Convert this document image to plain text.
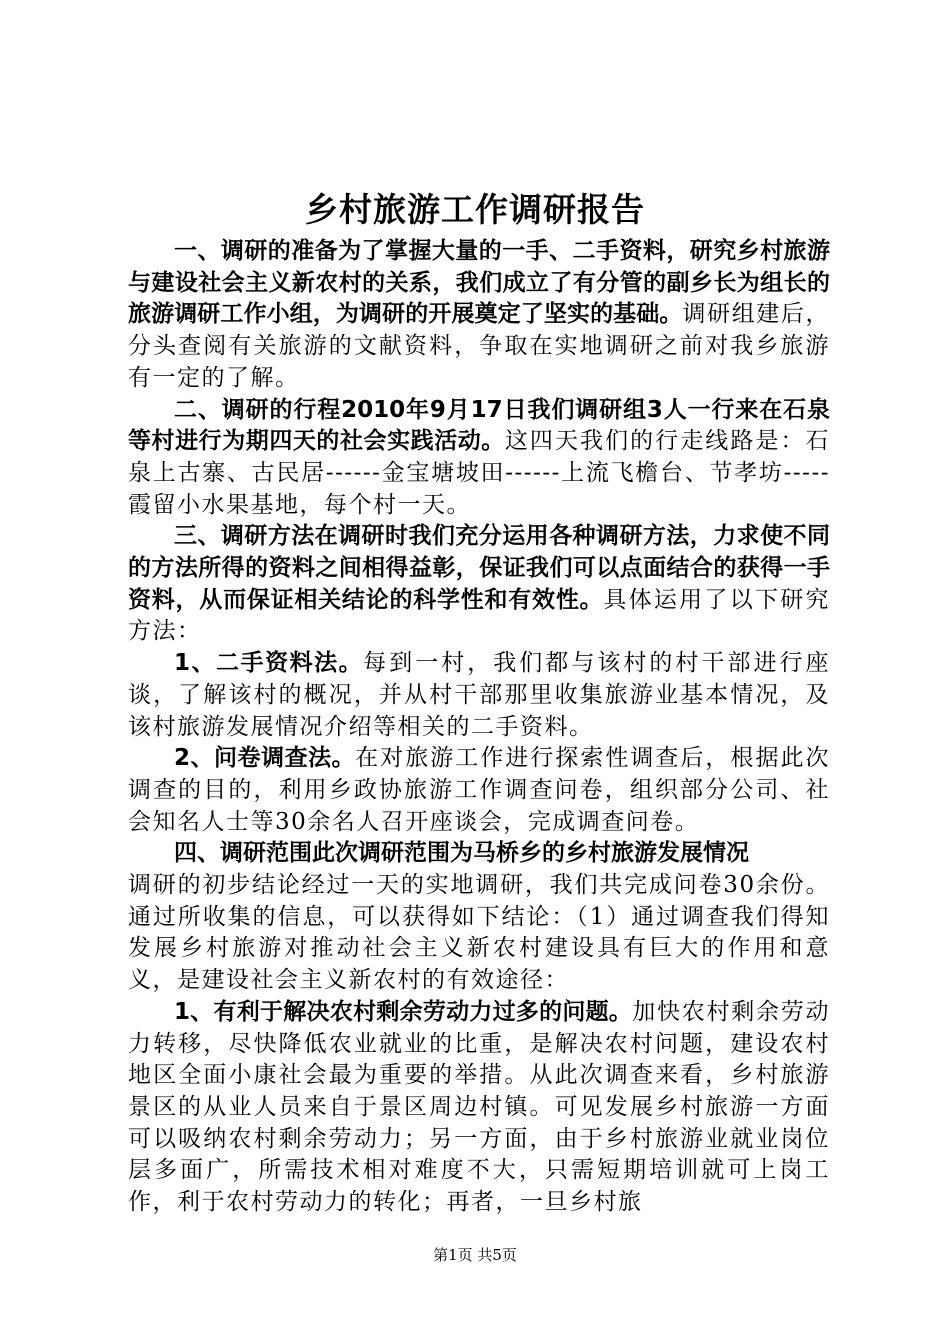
乡村旅游工作调研报告

一、调研的准备为了掌握大量的一手、二手资料，研究乡村旅游与建设社会主义新农村的关系，我们成立了有分管的副乡长为组长的旅游调研工作小组，为调研的开展奠定了坚实的基础。调研组建后，分头查阅有关旅游的文献资料，争取在实地调研之前对我乡旅游有一定的了解。

二、调研的行程2010年9月17日我们调研组3人一行来在石泉等村进行为期四天的社会实践活动。这四天我们的行走线路是：石泉上古寨、古民居------金宝塘坡田------上流飞檐台、节孝坊-----霞留小水果基地，每个村一天。

三、调研方法在调研时我们充分运用各种调研方法，力求使不同的方法所得的资料之间相得益彰，保证我们可以点面结合的获得一手资料，从而保证相关结论的科学性和有效性。具体运用了以下研究方法：

1、二手资料法。每到一村，我们都与该村的村干部进行座谈，了解该村的概况，并从村干部那里收集旅游业基本情况，及该村旅游发展情况介绍等相关的二手资料。

2、问卷调查法。在对旅游工作进行探索性调查后，根据此次调查的目的，利用乡政协旅游工作调查问卷，组织部分公司、社会知名人士等30余名人召开座谈会，完成调查问卷。

四、调研范围此次调研范围为马桥乡的乡村旅游发展情况

调研的初步结论经过一天的实地调研，我们共完成问卷30余份。通过所收集的信息，可以获得如下结论：（1）通过调查我们得知发展乡村旅游对推动社会主义新农村建设具有巨大的作用和意义，是建设社会主义新农村的有效途径：

1、有利于解决农村剩余劳动力过多的问题。加快农村剩余劳动力转移，尽快降低农业就业的比重，是解决农村问题，建设农村地区全面小康社会最为重要的举措。从此次调查来看，乡村旅游景区的从业人员来自于景区周边村镇。可见发展乡村旅游一方面可以吸纳农村剩余劳动力；另一方面，由于乡村旅游业就业岗位层多面广，所需技术相对难度不大，只需短期培训就可上岗工作，利于农村劳动力的转化；再者，一旦乡村旅

第1页 共5页
